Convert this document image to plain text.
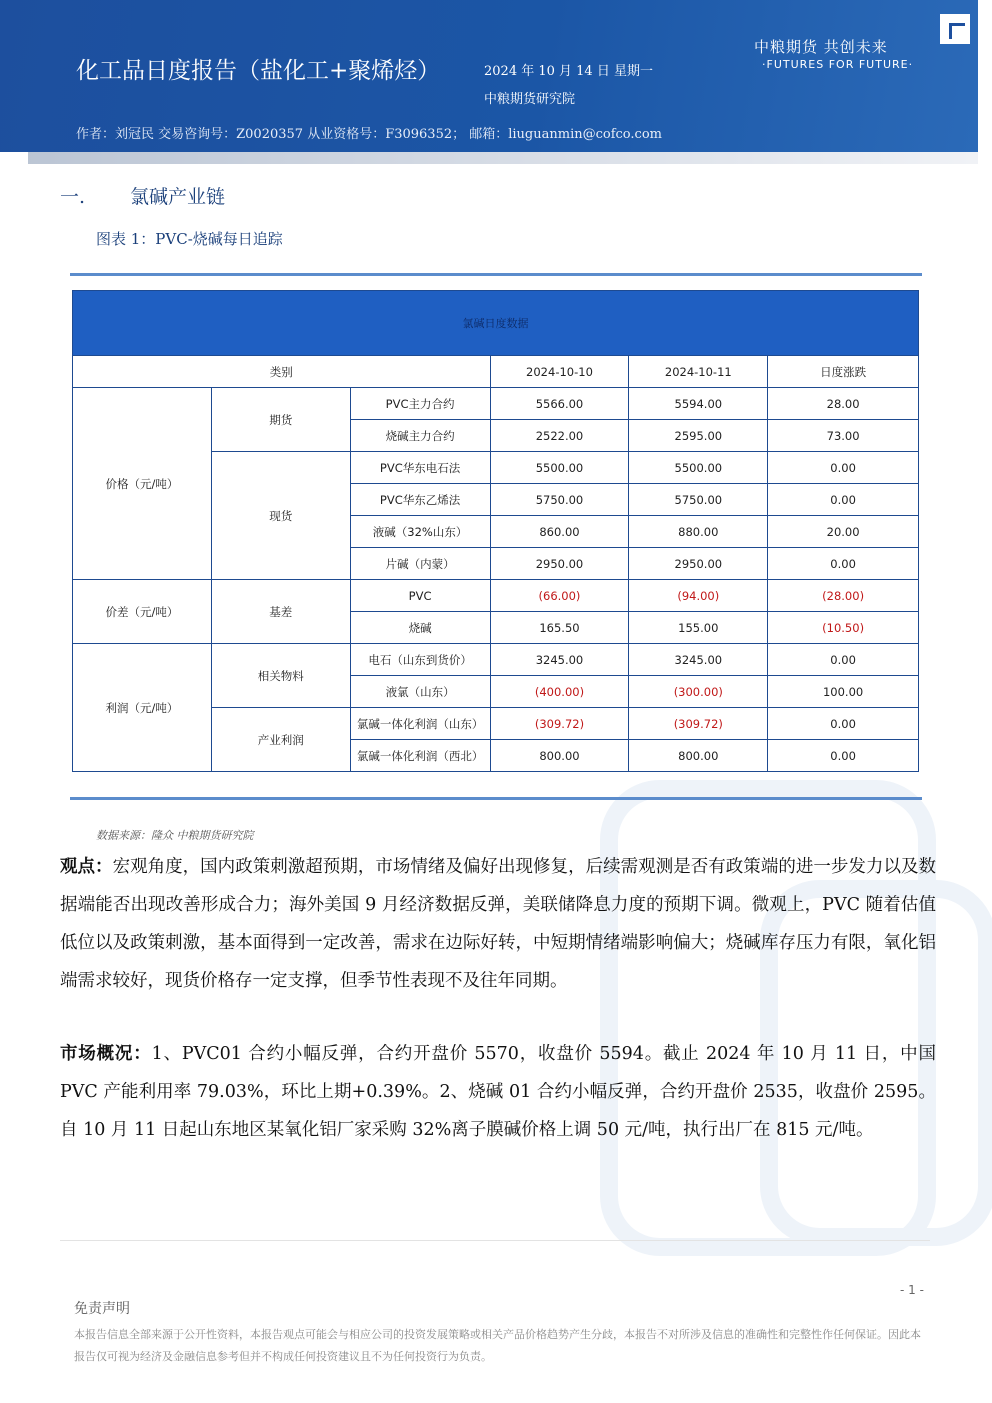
化工品日度报告（盐化工+聚烯烃）	2024 年 10 月 14 日 星期一
中粮期货研究院
作者：刘冠民 交易咨询号：Z0020357 从业资格号：F3096352； 邮箱：liuguanmin@cofco.com
中粮期货 共创未来
·FUTURES FOR FUTURE·
一. 氯碱产业链
图表 1：PVC-烧碱每日追踪
氯碱日度数据					
类别			2024-10-10	2024-10-11	日度涨跌
价格（元/吨）	期货	PVC主力合约	5566.00	5594.00	28.00
		烧碱主力合约	2522.00	2595.00	73.00
	现货	PVC华东电石法	5500.00	5500.00	0.00
		PVC华东乙烯法	5750.00	5750.00	0.00
		液碱（32%山东）	860.00	880.00	20.00
		片碱（内蒙）	2950.00	2950.00	0.00
价差（元/吨）	基差	PVC	(66.00)	(94.00)	(28.00)
		烧碱	165.50	155.00	(10.50)
利润（元/吨）	相关物料	电石（山东到货价）	3245.00	3245.00	0.00
		液氯（山东）	(400.00)	(300.00)	100.00
	产业利润	氯碱一体化利润（山东）	(309.72)	(309.72)	0.00
		氯碱一体化利润（西北）	800.00	800.00	0.00
数据来源：隆众 中粮期货研究院
观点：宏观角度，国内政策刺激超预期，市场情绪及偏好出现修复，后续需观测是否有政策端的进一步发力以及数据端能否出现改善形成合力；海外美国 9 月经济数据反弹，美联储降息力度的预期下调。微观上，PVC 随着估值低位以及政策刺激，基本面得到一定改善，需求在边际好转，中短期情绪端影响偏大；烧碱库存压力有限，氧化铝端需求较好，现货价格存一定支撑，但季节性表现不及往年同期。
市场概况：1、PVC01 合约小幅反弹，合约开盘价 5570，收盘价 5594。截止 2024 年 10 月 11 日，中国 PVC 产能利用率 79.03%，环比上期+0.39%。2、烧碱 01 合约小幅反弹，合约开盘价 2535，收盘价 2595。自 10 月 11 日起山东地区某氧化铝厂家采购 32%离子膜碱价格上调 50 元/吨，执行出厂在 815 元/吨。
- 1 -
免责声明
本报告信息全部来源于公开性资料，本报告观点可能会与相应公司的投资发展策略或相关产品价格趋势产生分歧，本报告不对所涉及信息的准确性和完整性作任何保证。因此本报告仅可视为经济及金融信息参考但并不构成任何投资建议且不为任何投资行为负责。
